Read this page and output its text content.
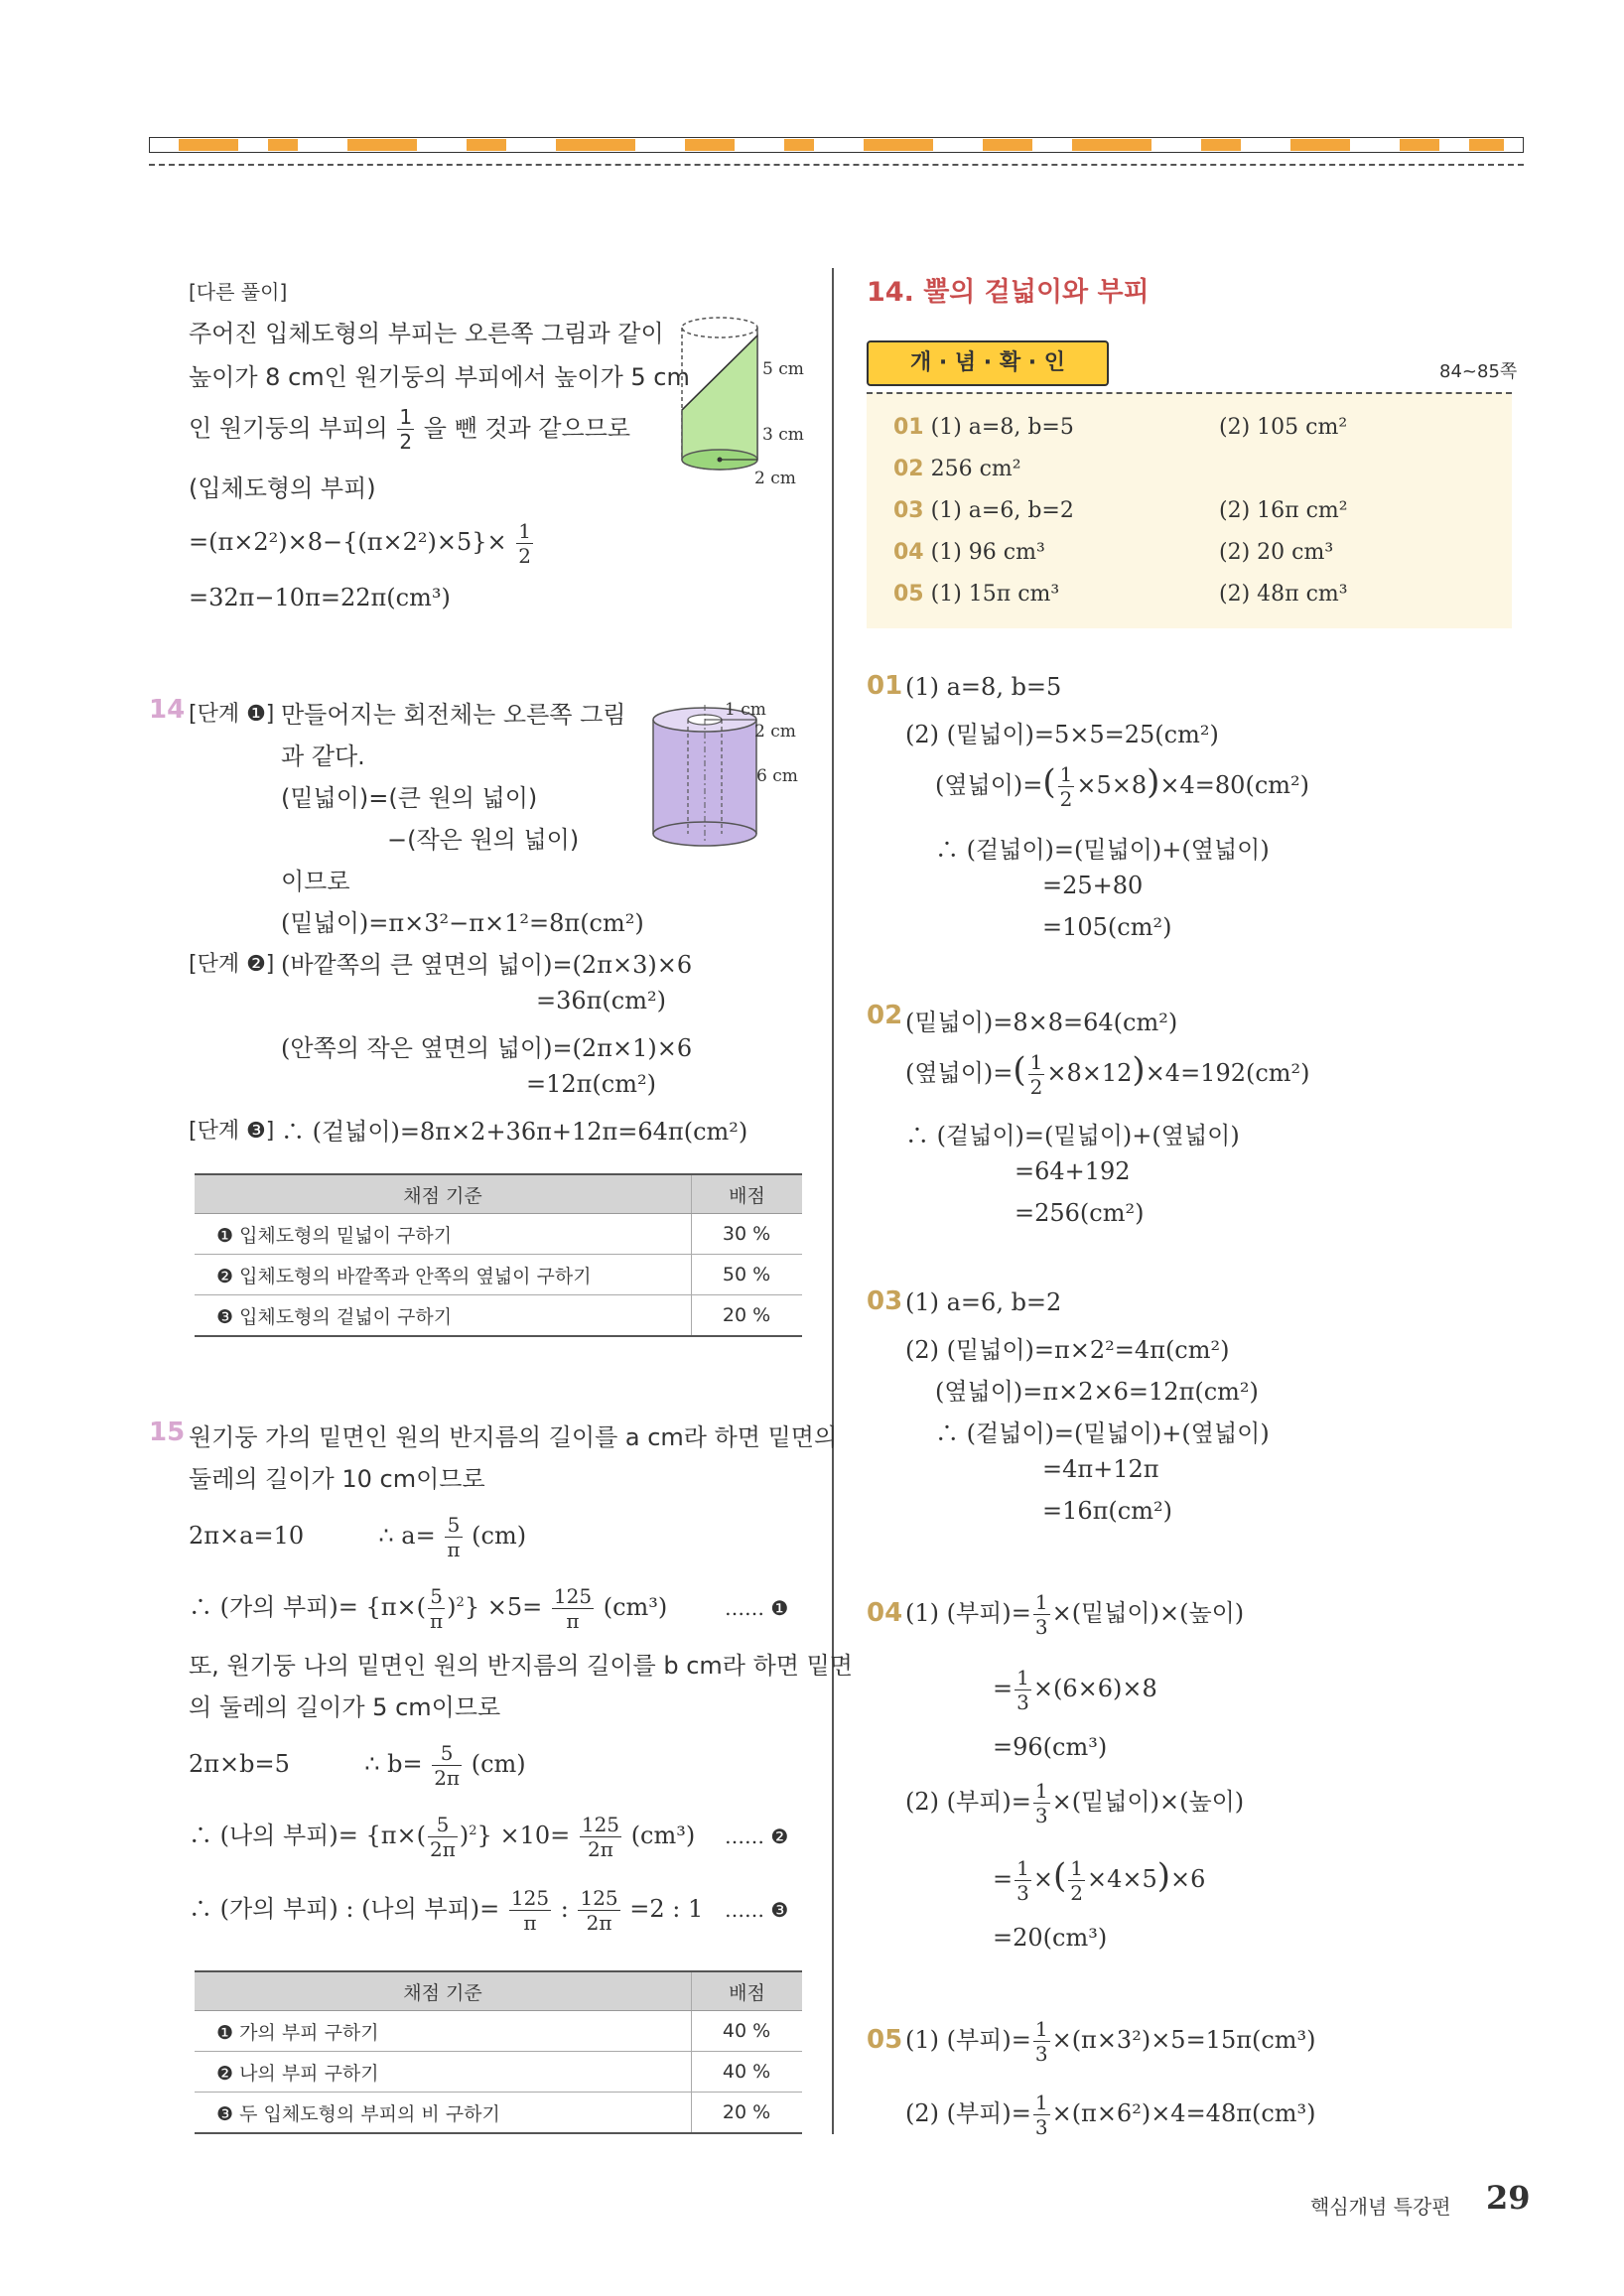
[다른 풀이]
주어진 입체도형의 부피는 오른쪽 그림과 같이
높이가 8 cm인 원기둥의 부피에서 높이가 5 cm
인 원기둥의 부피의 $\frac{1}{2}$ 을 뺀 것과 같으므로
(입체도형의 부피)
$=(\pi\times 2^2)\times 8-\{(\pi\times 2^2)\times 5\}\times \frac{1}{2}$
=32π−10π=22π(cm³)
5 cm
3 cm
2 cm
14 [단계 ❶] 만들어지는 회전체는 오른쪽 그림
과 같다.
(밑넓이)=(큰 원의 넓이)
−(작은 원의 넓이)
이므로
(밑넓이)=π×3²−π×1²=8π(cm²)
[단계 ❷] (바깥쪽의 큰 옆면의 넓이)=(2π×3)×6
=36π(cm²)
(안쪽의 작은 옆면의 넓이)=(2π×1)×6
=12π(cm²)
[단계 ❸] ∴ (겉넓이)=8π×2+36π+12π=64π(cm²)
1 cm
2 cm
6 cm
채점 기준	배점
❶ 입체도형의 밑넓이 구하기	30 %
❷ 입체도형의 바깥쪽과 안쪽의 옆넓이 구하기	50 %
❸ 입체도형의 겉넓이 구하기	20 %
15 원기둥 가의 밑면인 원의 반지름의 길이를 a cm라 하면 밑면의
둘레의 길이가 10 cm이므로
2π×a=10	∴ $a= \frac{5}{\pi} (cm)$
∴ (가의 부피)= $\{\pi\times( \frac{5}{\pi} )^2\} \times 5= \frac{125}{\pi} (cm^3)$	…… ❶
또, 원기둥 나의 밑면인 원의 반지름의 길이를 b cm라 하면 밑면
의 둘레의 길이가 5 cm이므로
2π×b=5	∴ $b= \frac{5}{2\pi} (cm)$
∴ (나의 부피)= $\{\pi\times( \frac{5}{2\pi} )^2\} \times 10= \frac{125}{2\pi} (cm^3)$ …… ❷
∴ (가의 부피) : (나의 부피)= $\frac{125}{\pi}$ : $\frac{125}{2\pi} =2$ : 1 …… ❸
채점 기준	배점
❶ 가의 부피 구하기	40 %
❷ 나의 부피 구하기	40 %
❸ 두 입체도형의 부피의 비 구하기	20 %
14. 뿔의 겉넓이와 부피
개 · 념 · 확 · 인	84~85쪽
01 (1) a=8, b=5	(2) 105 cm²
02 256 cm²
03 (1) a=6, b=2	(2) 16π cm²
04 (1) 96 cm³	(2) 20 cm³
05 (1) 15π cm³	(2) 48π cm³
01 (1) a=8, b=5
(2) (밑넓이)=5×5=25(cm²)
(옆넓이)=( $\frac{1}{2} \times 5\times 8)\times 4=80(cm^2)$
∴ (겉넓이)=(밑넓이)+(옆넓이)
=25+80
=105(cm²)
02 (밑넓이)=8×8=64(cm²)
(옆넓이)=( $\frac{1}{2} \times 8\times 12)\times 4=192(cm^2)$
∴ (겉넓이)=(밑넓이)+(옆넓이)
=64+192
=256(cm²)
03 (1) a=6, b=2
(2) (밑넓이)=π×2²=4π(cm²)
(옆넓이)=π×2×6=12π(cm²)
∴ (겉넓이)=(밑넓이)+(옆넓이)
=4π+12π
=16π(cm²)
04 (1) (부피)= $\frac{1}{3}$ ×(밑넓이)×(높이)
= $\frac{1}{3} \times(6\times 6)\times 8$
=96(cm³)
(2) (부피)= $\frac{1}{3}$ ×(밑넓이)×(높이)
= $\frac{1}{3}$ ×( $\frac{1}{2} \times 4\times 5)\times 6$
=20(cm³)
05 (1) (부피)= $\frac{1}{3} \times(\pi\times 3^2)\times 5=15\pi(cm^3)$
(2) (부피)= $\frac{1}{3} \times(\pi\times 6^2)\times 4=48\pi(cm^3)$
핵심개념 특강편 29
